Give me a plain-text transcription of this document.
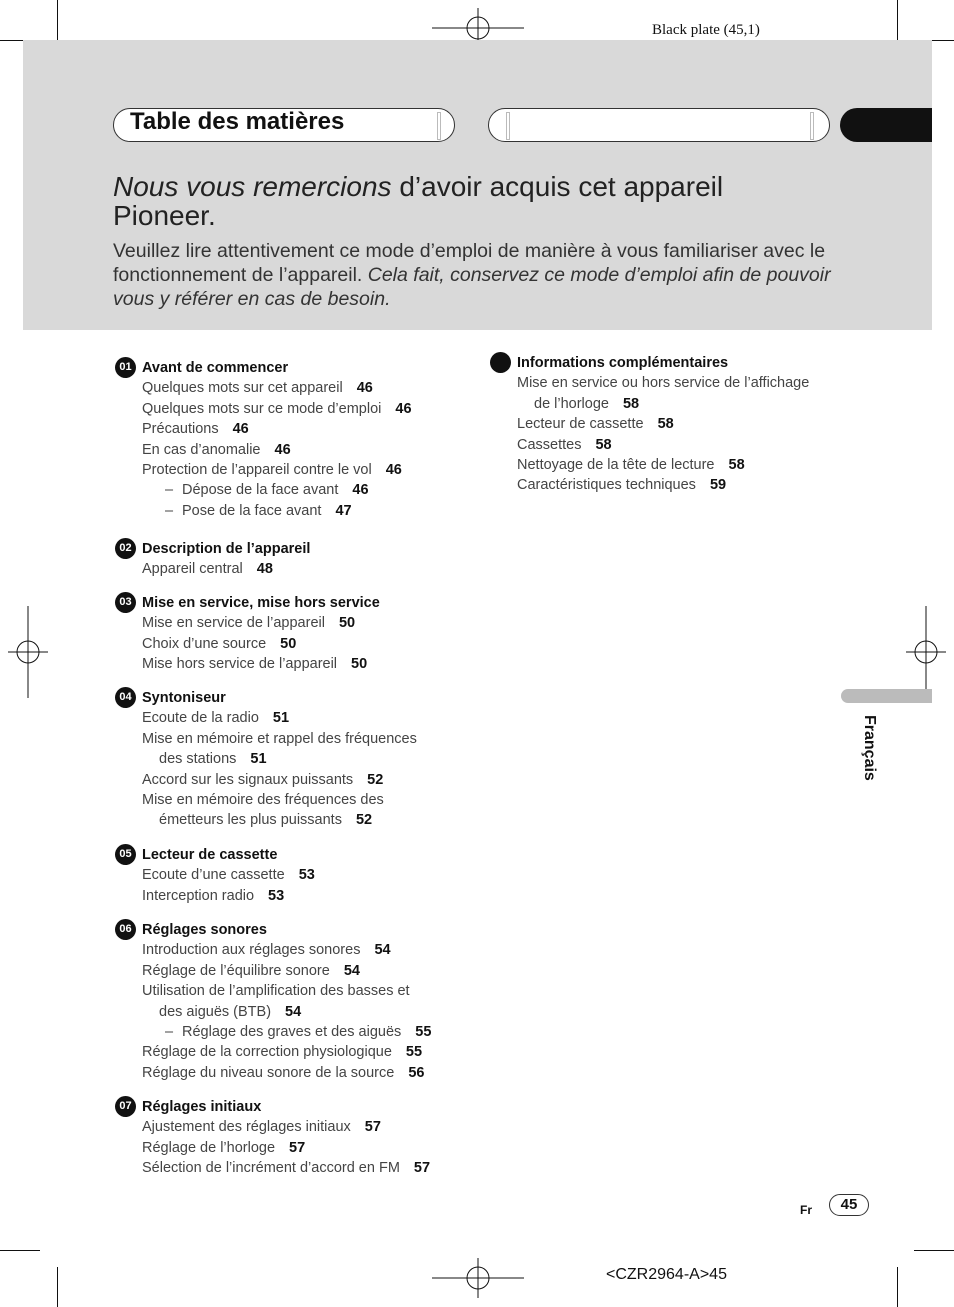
Black plate (45,1)
Table des matières
Nous vous remercions d’avoir acquis cet appareil
Pioneer.
Veuillez lire attentivement ce mode d’emploi de manière à vous familiariser avec le
fonctionnement de l’appareil. Cela fait, conservez ce mode d’emploi afin de pouvoir
vous y référer en cas de besoin.
01 Avant de commencer
Quelques mots sur cet appareil 46
Quelques mots sur ce mode d’emploi 46
Précautions 46
En cas d’anomalie 46
Protection de l’appareil contre le vol 46
– Dépose de la face avant 46
– Pose de la face avant 47
02 Description de l’appareil
Appareil central 48
03 Mise en service, mise hors service
Mise en service de l’appareil 50
Choix d’une source 50
Mise hors service de l’appareil 50
04 Syntoniseur
Ecoute de la radio 51
Mise en mémoire et rappel des fréquences
des stations 51
Accord sur les signaux puissants 52
Mise en mémoire des fréquences des
émetteurs les plus puissants 52
05 Lecteur de cassette
Ecoute d’une cassette 53
Interception radio 53
06 Réglages sonores
Introduction aux réglages sonores 54
Réglage de l’équilibre sonore 54
Utilisation de l’amplification des basses et
des aiguës (BTB) 54
– Réglage des graves et des aiguës 55
Réglage de la correction physiologique 55
Réglage du niveau sonore de la source 56
07 Réglages initiaux
Ajustement des réglages initiaux 57
Réglage de l’horloge 57
Sélection de l’incrément d’accord en FM 57
Informations complémentaires
Mise en service ou hors service de l’affichage
de l’horloge 58
Lecteur de cassette 58
Cassettes 58
Nettoyage de la tête de lecture 58
Caractéristiques techniques 59
Français
Fr	45
<CZR2964-A>45
